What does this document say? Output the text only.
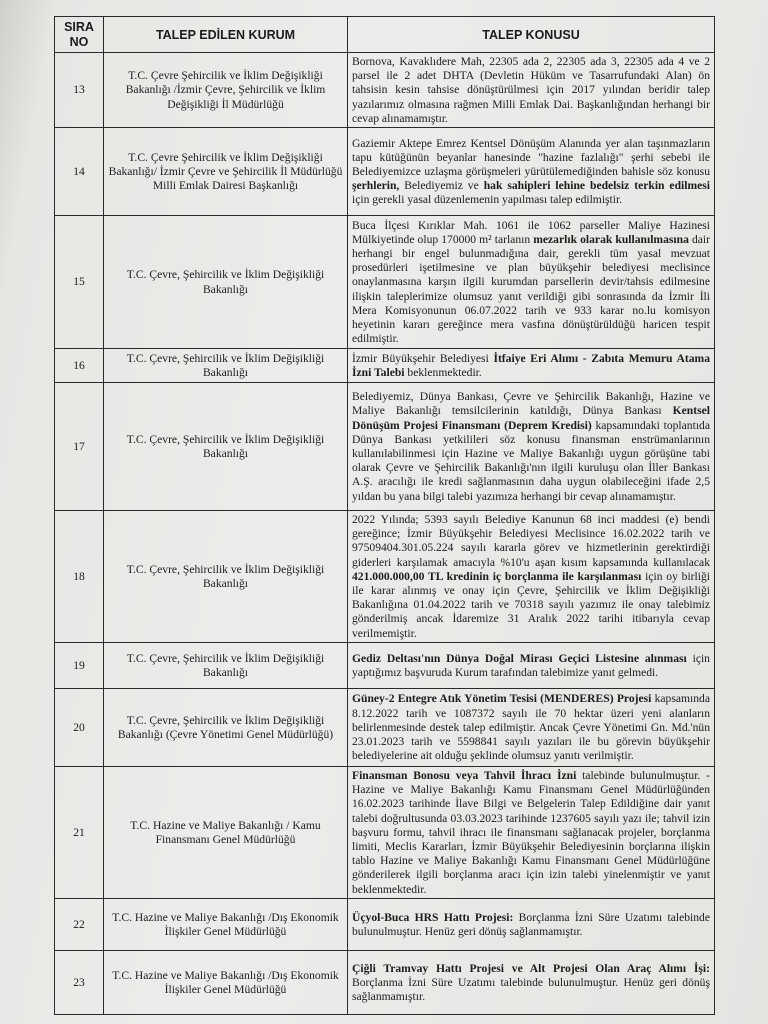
SIRA NO	TALEP EDİLEN KURUM	TALEP KONUSU
13	T.C. Çevre Şehircilik ve İklim Değişikliği Bakanlığı /İzmir Çevre, Şehircilik ve İklim Değişikliği İl Müdürlüğü	Bornova, Kavaklıdere Mah, 22305 ada 2, 22305 ada 3, 22305 ada 4 ve 2 parsel ile 2 adet DHTA (Devletin Hüküm ve Tasarrufundaki Alan) ön tahsisin kesin tahsise dönüştürülmesi için 2017 yılından beridir talep yazılarımız olmasına rağmen Milli Emlak Dai. Başkanlığından herhangi bir cevap alınamamıştır.
14	T.C. Çevre Şehircilik ve İklim Değişikliği Bakanlığı/ İzmir Çevre ve Şehircilik İl Müdürlüğü Milli Emlak Dairesi Başkanlığı	Gaziemir Aktepe Emrez Kentsel Dönüşüm Alanında yer alan taşınmazların tapu kütüğünün beyanlar hanesinde "hazine fazlalığı" şerhi sebebi ile Belediyemizce uzlaşma görüşmeleri yürütülemediğinden bahisle söz konusu şerhlerin, Belediyemiz ve hak sahipleri lehine bedelsiz terkin edilmesi için gerekli yasal düzenlemenin yapılması talep edilmiştir.
15	T.C. Çevre, Şehircilik ve İklim Değişikliği Bakanlığı	Buca İlçesi Kırıklar Mah. 1061 ile 1062 parseller Maliye Hazinesi Mülkiyetinde olup 170000 m² tarlanın mezarlık olarak kullanılmasına dair herhangi bir engel bulunmadığına dair, gerekli tüm yasal mevzuat prosedürleri işetilmesine ve plan büyükşehir belediyesi meclisince onaylanmasına karşın ilgili kurumdan parsellerin devir/tahsis edilmesine ilişkin taleplerimize olumsuz yanıt verildiği gibi sonrasında da İzmir İli Mera Komisyonunun 06.07.2022 tarih ve 933 karar no.lu komisyon heyetinin kararı gereğince mera vasfına dönüştürüldüğü haricen tespit edilmiştir.
16	T.C. Çevre, Şehircilik ve İklim Değişikliği Bakanlığı	İzmir Büyükşehir Belediyesi İtfaiye Eri Alımı - Zabıta Memuru Atama İzni Talebi beklenmektedir.
17	T.C. Çevre, Şehircilik ve İklim Değişikliği Bakanlığı	Belediyemiz, Dünya Bankası, Çevre ve Şehircilik Bakanlığı, Hazine ve Maliye Bakanlığı temsilcilerinin katıldığı, Dünya Bankası Kentsel Dönüşüm Projesi Finansmanı (Deprem Kredisi) kapsamındaki toplantıda Dünya Bankası yetkilileri söz konusu finansman enstrümanlarının kullanılabilinmesi için Hazine ve Maliye Bakanlığı uygun görüşüne tabi olarak Çevre ve Şehircilik Bakanlığı'nın ilgili kuruluşu olan İller Bankası A.Ş. aracılığı ile kredi sağlanmasının daha uygun olabileceğini ifade 2,5 yıldan bu yana bilgi talebi yazımıza herhangi bir cevap alınamamıştır.
18	T.C. Çevre, Şehircilik ve İklim Değişikliği Bakanlığı	2022 Yılında; 5393 sayılı Belediye Kanunun 68 inci maddesi (e) bendi gereğince; İzmir Büyükşehir Belediyesi Meclisince 16.02.2022 tarih ve 97509404.301.05.224 sayılı kararla görev ve hizmetlerinin gerektirdiği giderleri karşılamak amacıyla %10'u aşan kısım kapsamında kullanılacak 421.000.000,00 TL kredinin iç borçlanma ile karşılanması için oy birliği ile karar alınmış ve onay için Çevre, Şehircilik ve İklim Değişikliği Bakanlığına 01.04.2022 tarih ve 70318 sayılı yazımız ile onay talebimiz gönderilmiş ancak İdaremize 31 Aralık 2022 tarihi itibarıyla cevap verilmemiştir.
19	T.C. Çevre, Şehircilik ve İklim Değişikliği Bakanlığı	Gediz Deltası'nın Dünya Doğal Mirası Geçici Listesine alınması için yaptığımız başvuruda Kurum tarafından talebimize yanıt gelmedi.
20	T.C. Çevre, Şehircilik ve İklim Değişikliği Bakanlığı (Çevre Yönetimi Genel Müdürlüğü)	Güney-2 Entegre Atık Yönetim Tesisi (MENDERES) Projesi kapsamında 8.12.2022 tarih ve 1087372 sayılı ile 70 hektar üzeri yeni alanların belirlenmesinde destek talep edilmiştir. Ancak Çevre Yönetimi Gn. Md.'nün 23.01.2023 tarih ve 5598841 sayılı yazıları ile bu görevin büyükşehir belediyelerine ait olduğu şeklinde olumsuz yanıtı verilmiştir.
21	T.C. Hazine ve Maliye Bakanlığı / Kamu Finansmanı Genel Müdürlüğü	Finansman Bonosu veya Tahvil İhracı İzni talebinde bulunulmuştur. - Hazine ve Maliye Bakanlığı Kamu Finansmanı Genel Müdürlüğünden 16.02.2023 tarihinde İlave Bilgi ve Belgelerin Talep Edildiğine dair yanıt talebi doğrultusunda 03.03.2023 tarihinde 1237605 sayılı yazı ile; tahvil izin başvuru formu, tahvil ihracı ile finansmanı sağlanacak projeler, borçlanma limiti, Meclis Kararları, İzmir Büyükşehir Belediyesinin borçlarına ilişkin tablo Hazine ve Maliye Bakanlığı Kamu Finansmanı Genel Müdürlüğüne gönderilerek ilgili borçlanma aracı için izin talebi yinelenmiştir ve yanıt beklenmektedir.
22	T.C. Hazine ve Maliye Bakanlığı /Dış Ekonomik İlişkiler Genel Müdürlüğü	Üçyol-Buca HRS Hattı Projesi: Borçlanma İzni Süre Uzatımı talebinde bulunulmuştur. Henüz geri dönüş sağlanmamıştır.
23	T.C. Hazine ve Maliye Bakanlığı /Dış Ekonomik İlişkiler Genel Müdürlüğü	Çiğli Tramvay Hattı Projesi ve Alt Projesi Olan Araç Alımı İşi: Borçlanma İzni Süre Uzatımı talebinde bulunulmuştur. Henüz geri dönüş sağlanmamıştır.
